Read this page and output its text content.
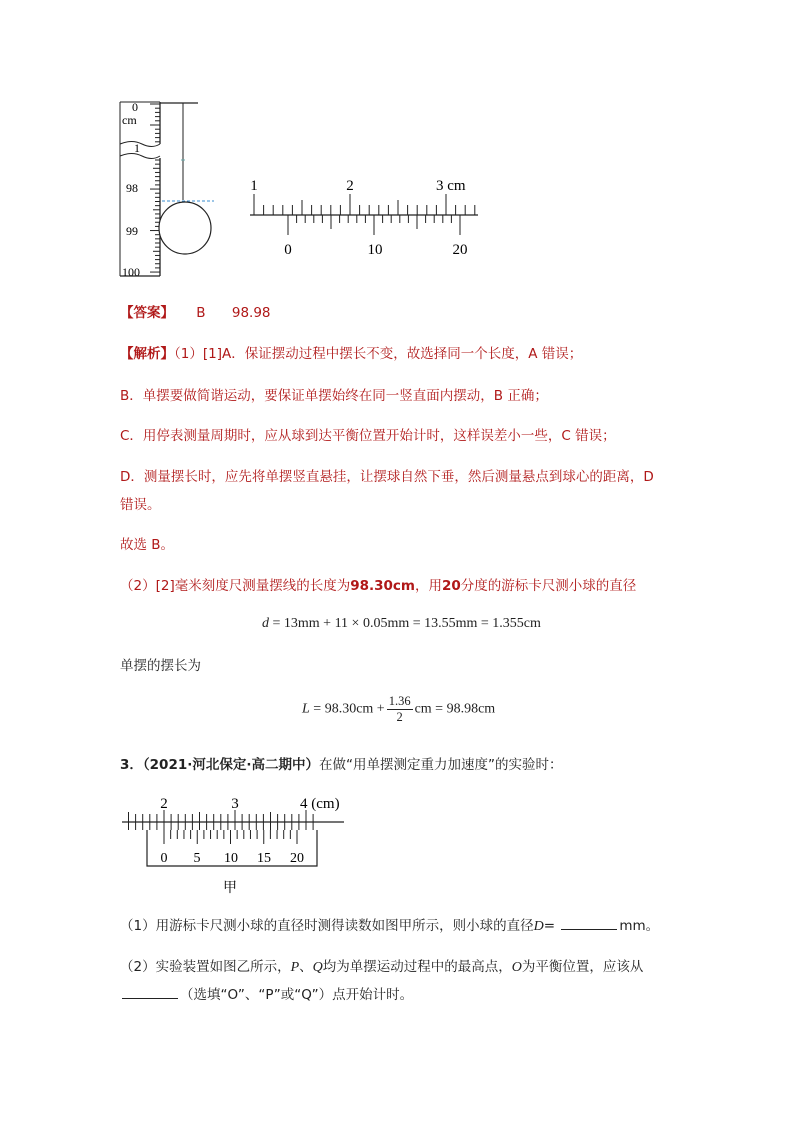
0
cm
1
98
99
100
1	2	3 cm
0	10	20
【答案】 B 98.98
【解析】（1）[1]A．保证摆动过程中摆长不变，故选择同一个长度，A 错误；
B．单摆要做简谐运动，要保证单摆始终在同一竖直面内摆动，B 正确；
C．用停表测量周期时，应从球到达平衡位置开始计时，这样误差小一些，C 错误；
D．测量摆长时，应先将单摆竖直悬挂，让摆球自然下垂，然后测量悬点到球心的距离，D
错误。
故选 B。
（2）[2]毫米刻度尺测量摆线的长度为98.30cm，用20分度的游标卡尺测小球的直径
d = 13mm + 11 × 0.05mm = 13.55mm = 1.355cm
单摆的摆长为
$L = 98.30cm + \frac{1.36}{2}$ cm = 98.98cm
3．（2021·河北保定·高二期中）在做“用单摆测定重力加速度”的实验时：
2	3	4 (cm)
0 5 10 15 20
甲
（1）用游标卡尺测小球的直径时测得读数如图甲所示，则小球的直径D=	mm。
（2）实验装置如图乙所示，P、Q均为单摆运动过程中的最高点，O为平衡位置，应该从
（选填“O”、“P”或“Q”）点开始计时。
